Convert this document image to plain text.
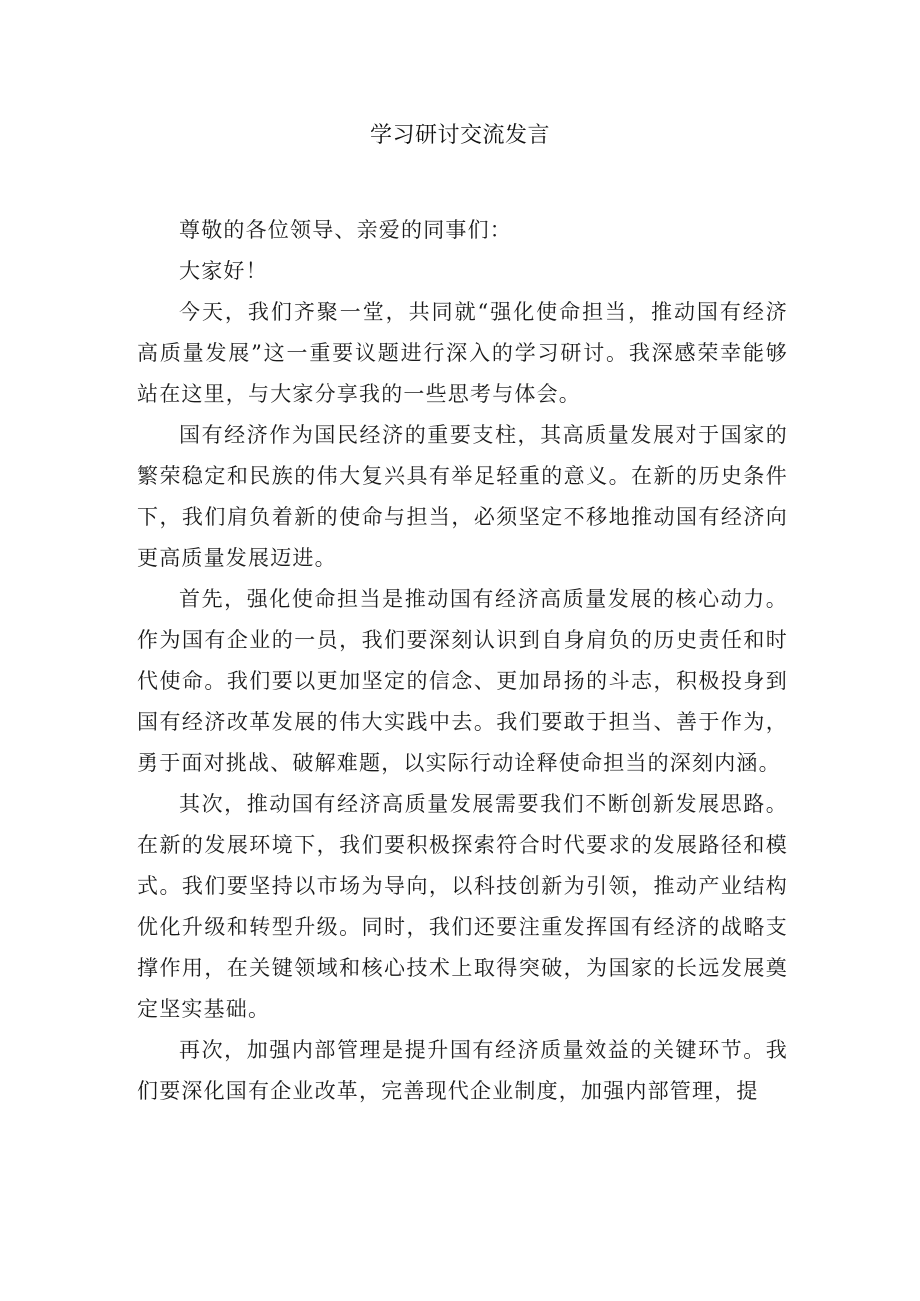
学习研讨交流发言

尊敬的各位领导、亲爱的同事们：

大家好！

今天，我们齐聚一堂，共同就“强化使命担当，推动国有经济高质量发展”这一重要议题进行深入的学习研讨。我深感荣幸能够站在这里，与大家分享我的一些思考与体会。

国有经济作为国民经济的重要支柱，其高质量发展对于国家的繁荣稳定和民族的伟大复兴具有举足轻重的意义。在新的历史条件下，我们肩负着新的使命与担当，必须坚定不移地推动国有经济向更高质量发展迈进。

首先，强化使命担当是推动国有经济高质量发展的核心动力。作为国有企业的一员，我们要深刻认识到自身肩负的历史责任和时代使命。我们要以更加坚定的信念、更加昂扬的斗志，积极投身到国有经济改革发展的伟大实践中去。我们要敢于担当、善于作为，勇于面对挑战、破解难题，以实际行动诠释使命担当的深刻内涵。

其次，推动国有经济高质量发展需要我们不断创新发展思路。在新的发展环境下，我们要积极探索符合时代要求的发展路径和模式。我们要坚持以市场为导向，以科技创新为引领，推动产业结构优化升级和转型升级。同时，我们还要注重发挥国有经济的战略支撑作用，在关键领域和核心技术上取得突破，为国家的长远发展奠定坚实基础。

再次，加强内部管理是提升国有经济质量效益的关键环节。我们要深化国有企业改革，完善现代企业制度，加强内部管理，提
